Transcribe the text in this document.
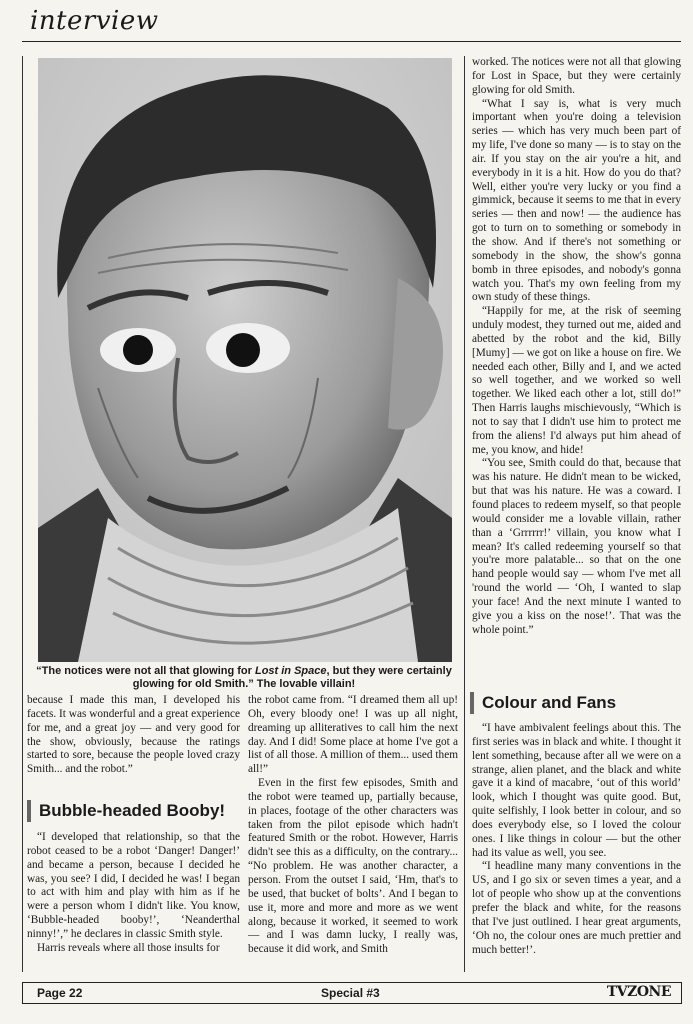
interview
“The notices were not all that glowing for Lost in Space, but they were certainly glowing for old Smith.” The lovable villain!

because I made this man, I developed his facets. It was wonderful and a great experience for me, and a great joy — and very good for the show, obviously, because the ratings started to sore, because the people loved crazy Smith... and the robot.”

Bubble-headed Booby!

“I developed that relationship, so that the robot ceased to be a robot ‘Danger! Danger!’ and became a person, because I decided he was, you see? I did, I decided he was! I began to act with him and play with him as if he were a person whom I didn't like. You know, ‘Bubble-headed booby!’, ‘Neanderthal ninny!’,” he declares in classic Smith style.

Harris reveals where all those insults for

the robot came from. “I dreamed them all up! Oh, every bloody one! I was up all night, dreaming up alliteratives to call him the next day. And I did! Some place at home I've got a list of all those. A million of them... used them all!”

Even in the first few episodes, Smith and the robot were teamed up, partially because, in places, footage of the other characters was taken from the pilot episode which hadn't featured Smith or the robot. However, Harris didn't see this as a difficulty, on the contrary... “No problem. He was another character, a person. From the outset I said, ‘Hm, that's to be used, that bucket of bolts’. And I began to use it, more and more and more as we went along, because it worked, it seemed to work — and I was damn lucky, I really was, because it did work, and Smith

worked. The notices were not all that glowing for Lost in Space, but they were certainly glowing for old Smith.

“What I say is, what is very much important when you're doing a television series — which has very much been part of my life, I've done so many — is to stay on the air. If you stay on the air you're a hit, and everybody in it is a hit. How do you do that? Well, either you're very lucky or you find a gimmick, because it seems to me that in every series — then and now! — the audience has got to turn on to something or somebody in the show. And if there's not something or somebody in the show, the show's gonna bomb in three episodes, and nobody's gonna watch you. That's my own feeling from my own study of these things.

“Happily for me, at the risk of seeming unduly modest, they turned out me, aided and abetted by the robot and the kid, Billy [Mumy] — we got on like a house on fire. We needed each other, Billy and I, and we acted so well together, and we worked so well together. We liked each other a lot, still do!” Then Harris laughs mischievously, “Which is not to say that I didn't use him to protect me from the aliens! I'd always put him ahead of me, you know, and hide!

“You see, Smith could do that, because that was his nature. He didn't mean to be wicked, but that was his nature. He was a coward. I found places to redeem myself, so that people would consider me a lovable villain, rather than a ‘Grrrrrr!’ villain, you know what I mean? It's called redeeming yourself so that you're more palatable... so that on the one hand people would say — whom I've met all 'round the world — ‘Oh, I wanted to slap your face! And the next minute I wanted to give you a kiss on the nose!’. That was the whole point.”

Colour and Fans

“I have ambivalent feelings about this. The first series was in black and white. I thought it lent something, because after all we were on a strange, alien planet, and the black and white gave it a kind of macabre, ‘out of this world’ look, which I thought was quite good. But, quite selfishly, I look better in colour, and so does everybody else, so I loved the colour ones. I like things in colour — but the other had its value as well, you see.

“I headline many many conventions in the US, and I go six or seven times a year, and a lot of people who show up at the conventions prefer the black and white, for the reasons that I've just outlined. I hear great arguments, ‘Oh no, the colour ones are much prettier and much better!’.

Page 22	Special #3	TVZONE
